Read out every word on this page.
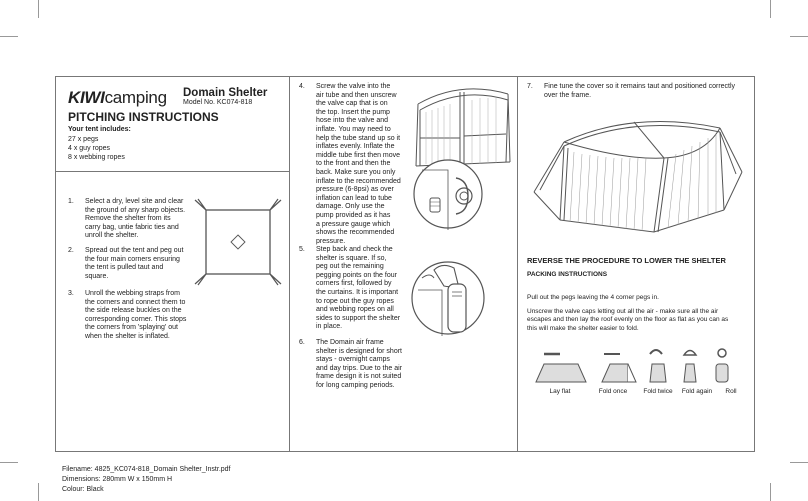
KIWIcamping Domain Shelter
Model No. KC074-818
PITCHING INSTRUCTIONS
Your tent includes:
27 x pegs
4 x guy ropes
8 x webbing ropes
1. Select a dry, level site and clear
the ground of any sharp objects.
Remove the shelter from its
carry bag, untie fabric ties and
unroll the shelter.
2. Spread out the tent and peg out
the four main corners ensuring
the tent is pulled taut and
square.
3. Unroll the webbing straps from
the corners and connect them to
the side release buckles on the
corresponding corner. This stops
the corners from 'splaying' out
when the shelter is inflated.
4. Screw the valve into the
air tube and then unscrew
the valve cap that is on
the top. Insert the pump
hose into the valve and
inflate. You may need to
help the tube stand up so it
inflates evenly. Inflate the
middle tube first then move
to the front and then the
back. Make sure you only
inflate to the recommended
pressure (6-8psi) as over
inflation can lead to tube
damage. Only use the
pump provided as it has
a pressure gauge which
shows the recommended
pressure.
5. Step back and check the
shelter is square. If so,
peg out the remaining
pegging points on the four
corners first, followed by
the curtains. It is important
to rope out the guy ropes
and webbing ropes on all
sides to support the shelter
in place.
6. The Domain air frame
shelter is designed for short
stays - overnight camps
and day trips. Due to the air
frame design it is not suited
for long camping periods.
7. Fine tune the cover so it remains taut and positioned correctly
over the frame.
REVERSE THE PROCEDURE TO LOWER THE SHELTER
PACKING INSTRUCTIONS
Pull out the pegs leaving the 4 corner pegs in.
Unscrew the valve caps letting out all the air - make sure all the air
escapes and then lay the roof evenly on the floor as flat as you can as
this will make the shelter easier to fold.
Lay flat	Fold once	Fold twice	Fold again	Roll
Filename: 4825_KC074-818_Domain Shelter_Instr.pdf
Dimensions: 280mm W x 150mm H
Colour: Black
